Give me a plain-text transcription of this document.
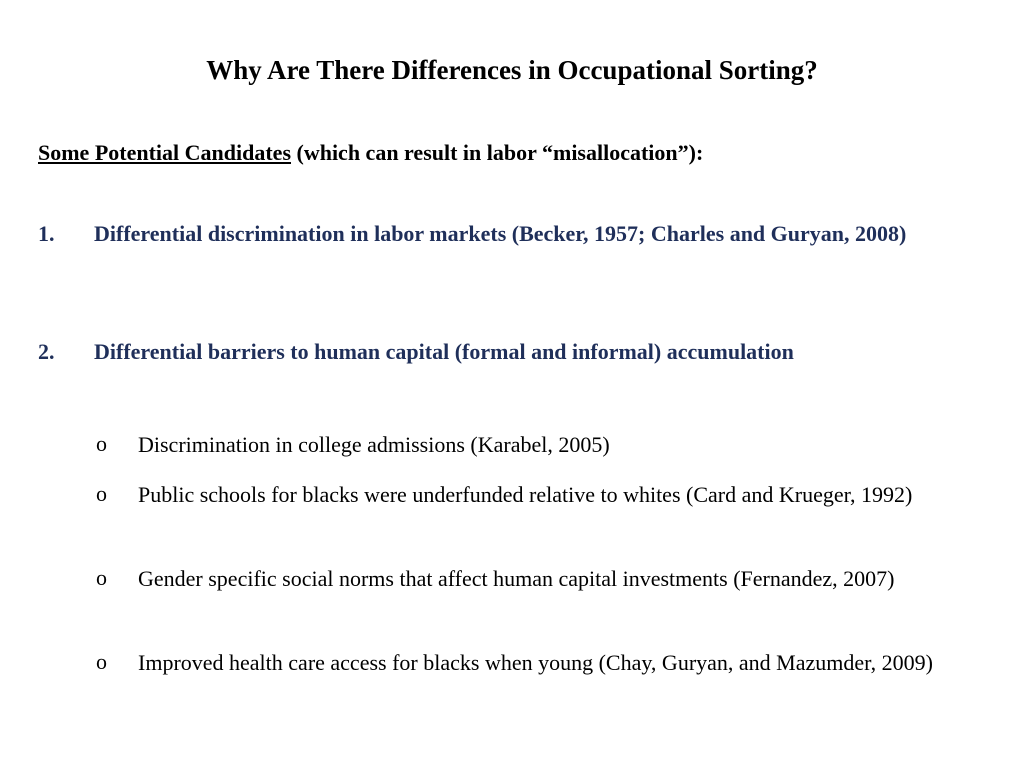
Why Are There Differences in Occupational Sorting?
Some Potential Candidates (which can result in labor “misallocation”):
1. Differential discrimination in labor markets (Becker, 1957; Charles and Guryan, 2008)
2. Differential barriers to human capital (formal and informal) accumulation
o Discrimination in college admissions (Karabel, 2005)
o Public schools for blacks were underfunded relative to whites (Card and Krueger, 1992)
o Gender specific social norms that affect human capital investments (Fernandez, 2007)
o Improved health care access for blacks when young (Chay, Guryan, and Mazumder, 2009)
